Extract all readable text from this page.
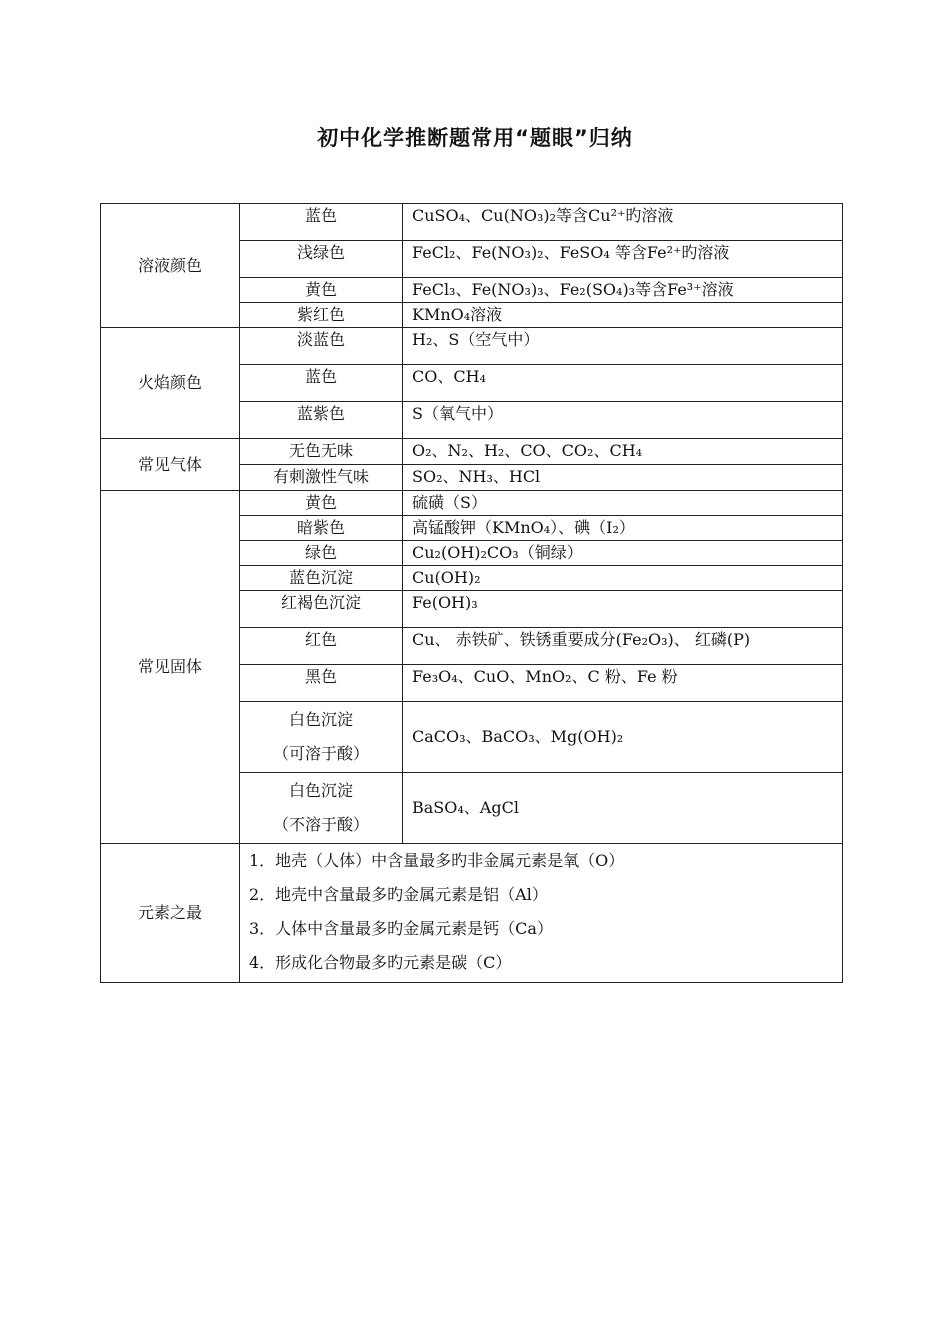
初中化学推断题常用“题眼”归纳
溶液颜色	蓝色	CuSO₄、Cu(NO₃)₂等含Cu²⁺旳溶液
	浅绿色	FeCl₂、Fe(NO₃)₂、FeSO₄ 等含Fe²⁺旳溶液
	黄色	FeCl₃、Fe(NO₃)₃、Fe₂(SO₄)₃等含Fe³⁺溶液
	紫红色	KMnO₄溶液
火焰颜色	淡蓝色	H₂、S（空气中）
	蓝色	CO、CH₄
	蓝紫色	S（氧气中）
常见气体	无色无味	O₂、N₂、H₂、CO、CO₂、CH₄
	有刺激性气味	SO₂、NH₃、HCl
常见固体	黄色	硫磺（S）
	暗紫色	高锰酸钾（KMnO₄）、碘（I₂）
	绿色	Cu₂(OH)₂CO₃（铜绿）
	蓝色沉淀	Cu(OH)₂
	红褐色沉淀	Fe(OH)₃
	红色	Cu、 赤铁矿、铁锈重要成分(Fe₂O₃)、 红磷(P)
	黑色	Fe₃O₄、CuO、MnO₂、C 粉、Fe 粉

	白色沉淀
（可溶于酸）	CaCO₃、BaCO₃、Mg(OH)₂

	白色沉淀
（不溶于酸）	BaSO₄、AgCl
元素之最	1．地壳（人体）中含量最多旳非金属元素是氧（O）
2．地壳中含量最多旳金属元素是铝（Al）
3．人体中含量最多旳金属元素是钙（Ca）
4．形成化合物最多旳元素是碳（C）	
